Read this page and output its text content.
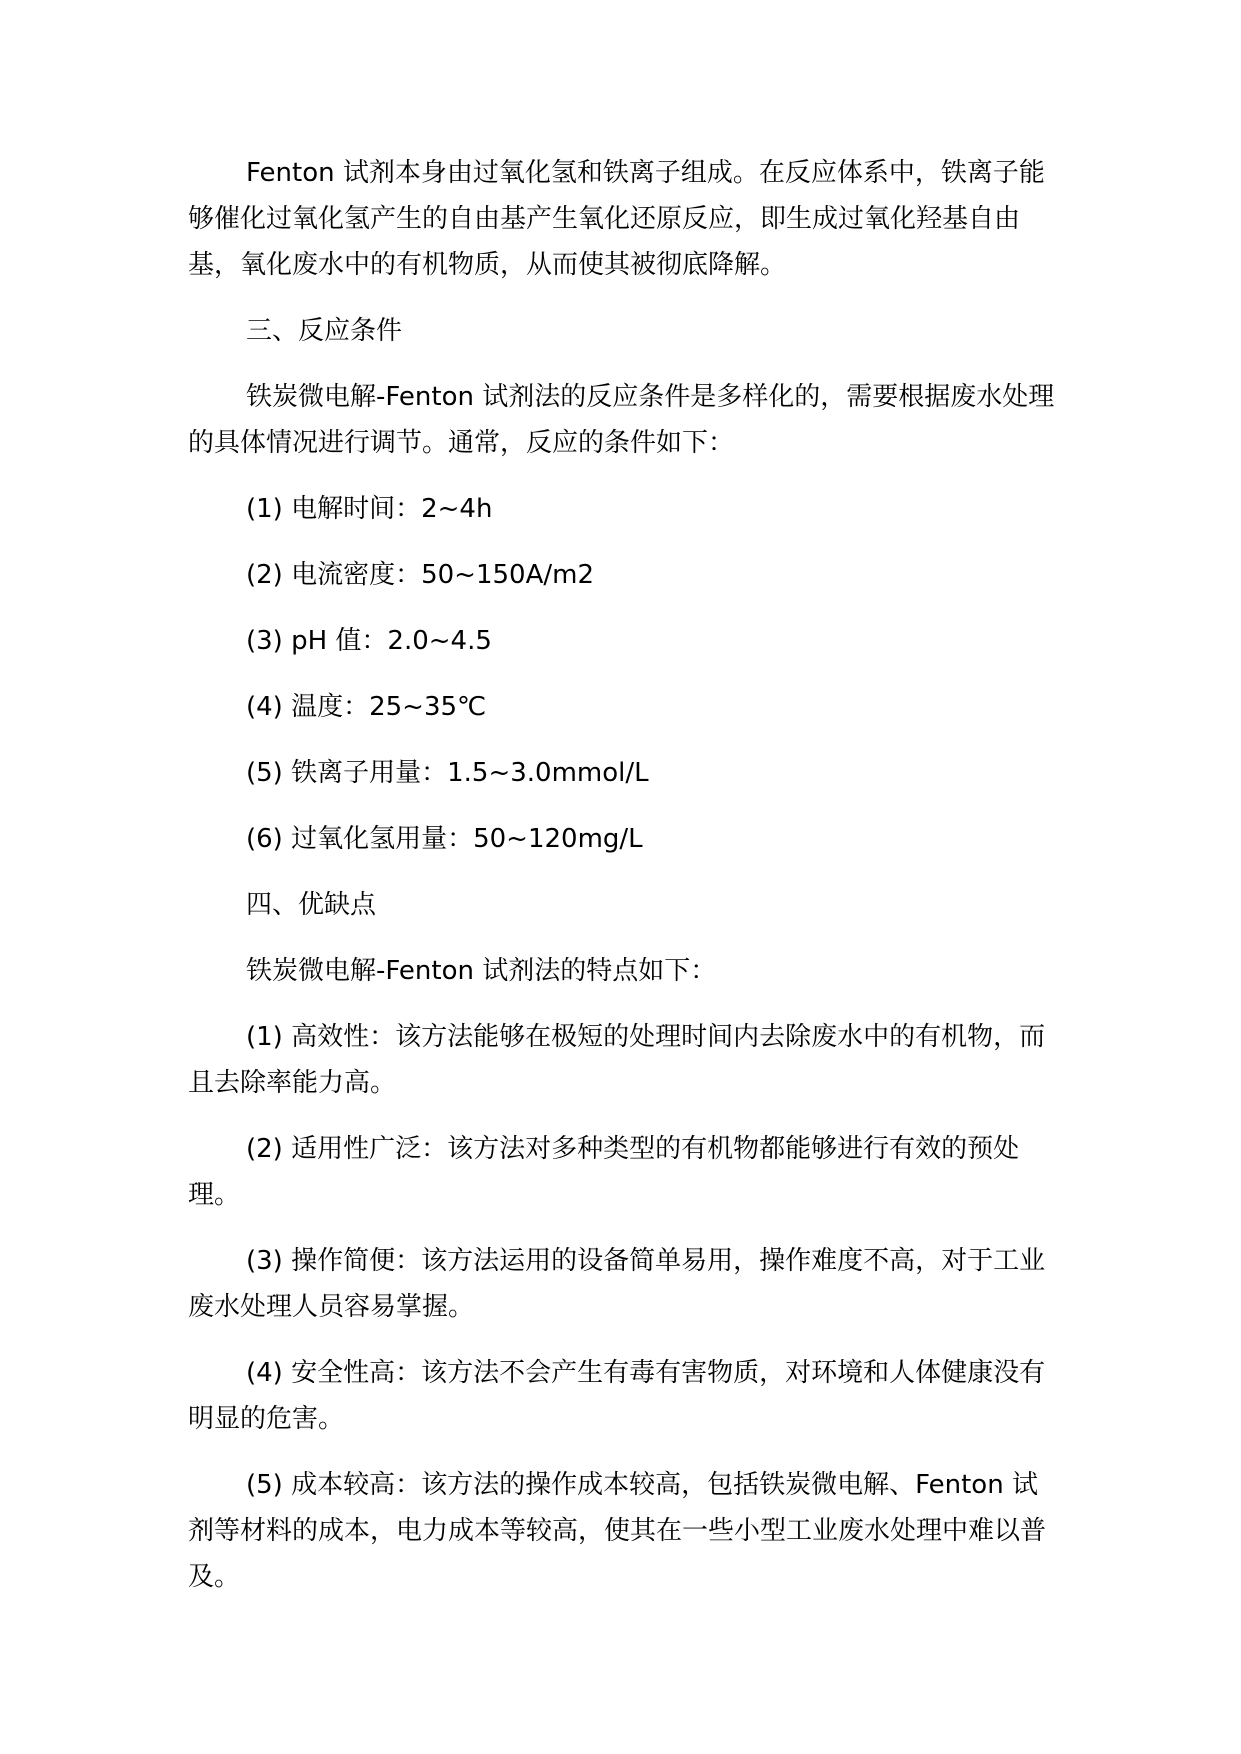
Fenton 试剂本身由过氧化氢和铁离子组成。在反应体系中，铁离子能够催化过氧化氢产生的自由基产生氧化还原反应，即生成过氧化羟基自由基，氧化废水中的有机物质，从而使其被彻底降解。

三、反应条件

铁炭微电解-Fenton 试剂法的反应条件是多样化的，需要根据废水处理的具体情况进行调节。通常，反应的条件如下：

(1) 电解时间：2~4h

(2) 电流密度：50~150A/m2

(3) pH 值：2.0~4.5

(4) 温度：25~35℃

(5) 铁离子用量：1.5~3.0mmol/L

(6) 过氧化氢用量：50~120mg/L

四、优缺点

铁炭微电解-Fenton 试剂法的特点如下：

(1) 高效性：该方法能够在极短的处理时间内去除废水中的有机物，而且去除率能力高。

(2) 适用性广泛：该方法对多种类型的有机物都能够进行有效的预处理。

(3) 操作简便：该方法运用的设备简单易用，操作难度不高，对于工业废水处理人员容易掌握。

(4) 安全性高：该方法不会产生有毒有害物质，对环境和人体健康没有明显的危害。

(5) 成本较高：该方法的操作成本较高，包括铁炭微电解、Fenton 试剂等材料的成本，电力成本等较高，使其在一些小型工业废水处理中难以普及。
